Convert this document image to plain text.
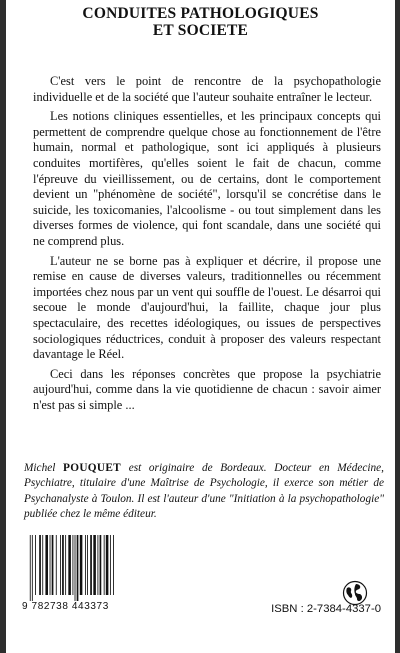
CONDUITES PATHOLOGIQUES
ET SOCIETE

C'est vers le point de rencontre de la psychopathologie individuelle et de la société que l'auteur souhaite entraîner le lecteur.

Les notions cliniques essentielles, et les principaux concepts qui permettent de comprendre quelque chose au fonctionnement de l'être humain, normal et pathologique, sont ici appliqués à plusieurs conduites mortifères, qu'elles soient le fait de chacun, comme l'épreuve du vieillissement, ou de certains, dont le comportement devient un "phénomène de société", lorsqu'il se concrétise dans le suicide, les toxicomanies, l'alcoolisme - ou tout simplement dans les diverses formes de violence, qui font scandale, dans une société qui ne comprend plus.

L'auteur ne se borne pas à expliquer et décrire, il propose une remise en cause de diverses valeurs, traditionnelles ou récemment importées chez nous par un vent qui souffle de l'ouest. Le désarroi qui secoue le monde d'aujourd'hui, la faillite, chaque jour plus spectaculaire, des recettes idéologiques, ou issues de perspectives sociologiques réductrices, conduit à proposer des valeurs respectant davantage le Réel.

Ceci dans les réponses concrètes que propose la psychiatrie aujourd'hui, comme dans la vie quotidienne de chacun : savoir aimer n'est pas si simple ...

Michel POUQUET est originaire de Bordeaux. Docteur en Médecine, Psychiatre, titulaire d'une Maîtrise de Psychologie, il exerce son métier de Psychanalyste à Toulon. Il est l'auteur d'une "Initiation à la psychopathologie" publiée chez le même éditeur.

9 782738 443373	ISBN : 2-7384-4337-0
